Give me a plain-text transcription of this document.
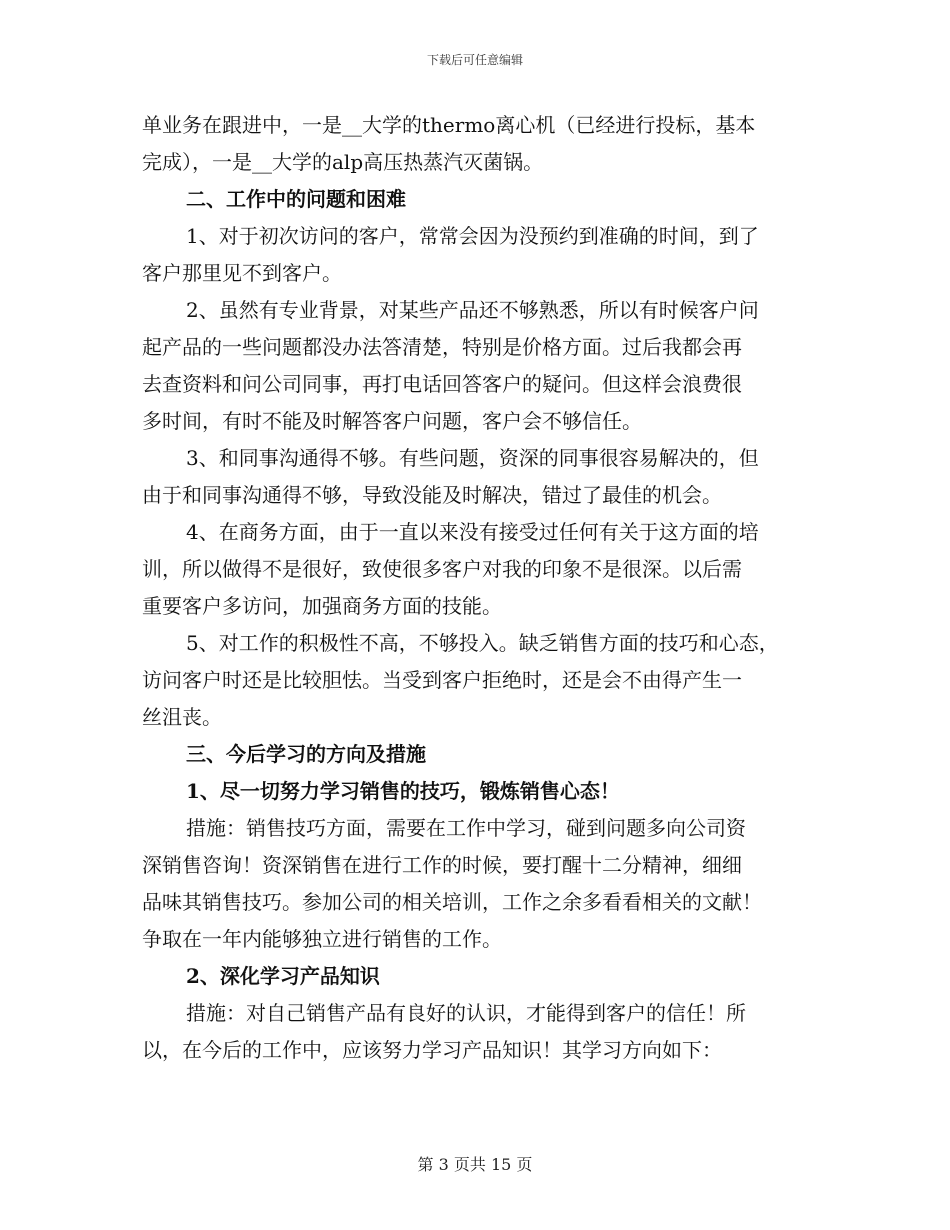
下载后可任意编辑
单业务在跟进中，一是__大学的thermo离心机（已经进行投标，基本
完成），一是__大学的alp高压热蒸汽灭菌锅。
二、工作中的问题和困难
1、对于初次访问的客户，常常会因为没预约到准确的时间，到了
客户那里见不到客户。
2、虽然有专业背景，对某些产品还不够熟悉，所以有时候客户问
起产品的一些问题都没办法答清楚，特别是价格方面。过后我都会再
去查资料和问公司同事，再打电话回答客户的疑问。但这样会浪费很
多时间，有时不能及时解答客户问题，客户会不够信任。
3、和同事沟通得不够。有些问题，资深的同事很容易解决的，但
由于和同事沟通得不够，导致没能及时解决，错过了最佳的机会。
4、在商务方面，由于一直以来没有接受过任何有关于这方面的培
训，所以做得不是很好，致使很多客户对我的印象不是很深。以后需
重要客户多访问，加强商务方面的技能。
5、对工作的积极性不高，不够投入。缺乏销售方面的技巧和心态，
访问客户时还是比较胆怯。当受到客户拒绝时，还是会不由得产生一
丝沮丧。
三、今后学习的方向及措施
1、尽一切努力学习销售的技巧，锻炼销售心态！
措施：销售技巧方面，需要在工作中学习，碰到问题多向公司资
深销售咨询！资深销售在进行工作的时候，要打醒十二分精神，细细
品味其销售技巧。参加公司的相关培训，工作之余多看看相关的文献！
争取在一年内能够独立进行销售的工作。
2、深化学习产品知识
措施：对自己销售产品有良好的认识，才能得到客户的信任！所
以，在今后的工作中，应该努力学习产品知识！其学习方向如下：
第 3 页共 15 页
